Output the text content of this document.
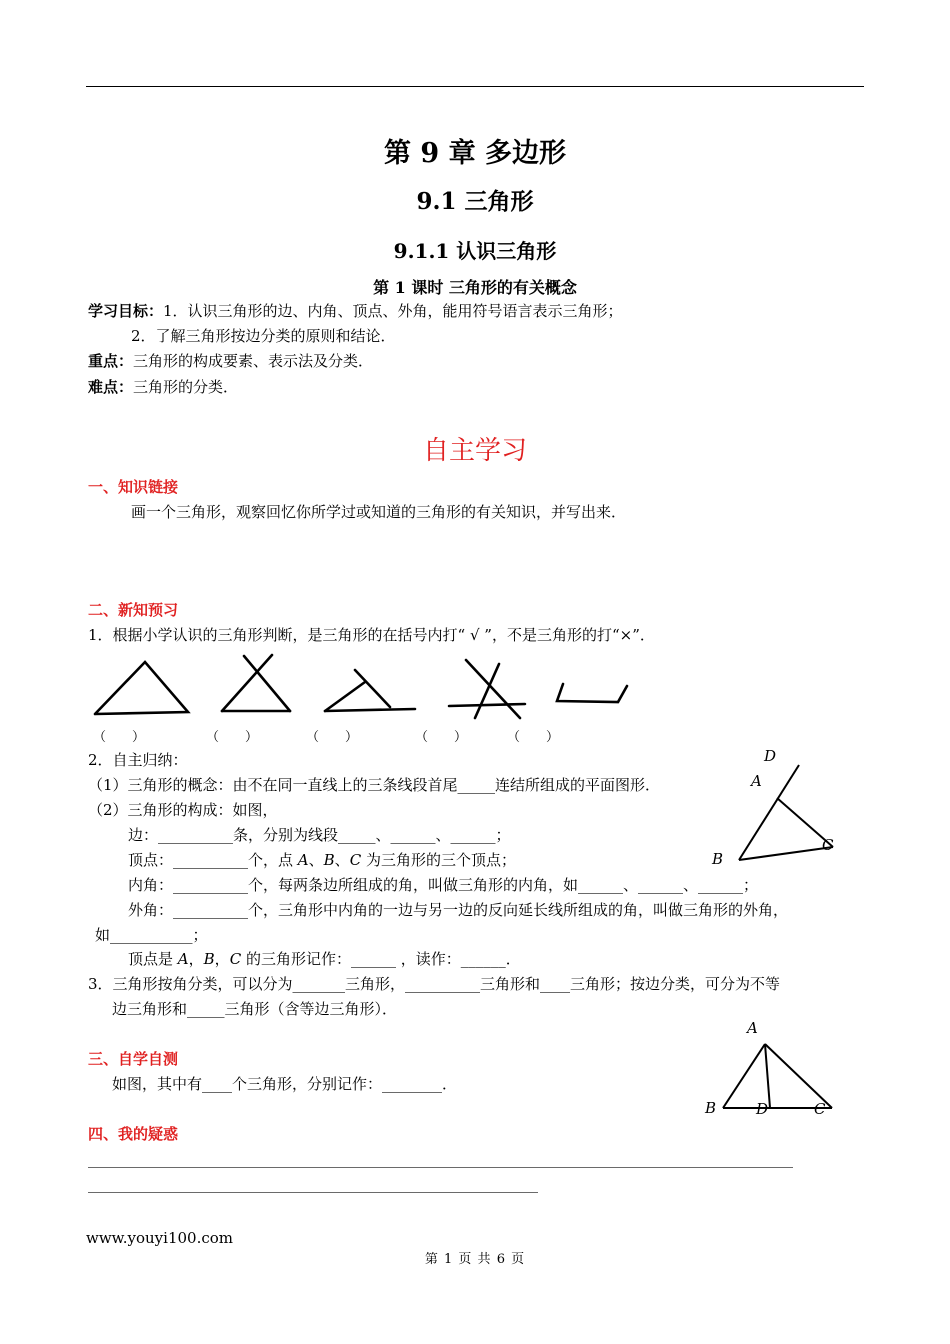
第 9 章 多边形
9.1 三角形
9.1.1 认识三角形
第 1 课时 三角形的有关概念
学习目标：1．认识三角形的边、内角、顶点、外角，能用符号语言表示三角形；
2．了解三角形按边分类的原则和结论．
重点：三角形的构成要素、表示法及分类．
难点：三角形的分类．
自主学习
一、知识链接
画一个三角形，观察回忆你所学过或知道的三角形的有关知识，并写出来．
二、新知预习
1．根据小学认识的三角形判断，是三角形的在括号内打“ √ ”，不是三角形的打“×”．
（　　）	（　　）	（　　）	（　　）	（　　）
2．自主归纳：
（1）三角形的概念：由不在同一直线上的三条线段首尾_____连结所组成的平面图形．
（2）三角形的构成：如图，
边：__________条，分别为线段_____、______、______；
顶点：__________个，点 A、B、C 为三角形的三个顶点；
内角：__________个，每两条边所组成的角，叫做三角形的内角，如______、______、______；
外角：__________个，三角形中内角的一边与另一边的反向延长线所组成的角，叫做三角形的外角，
如___________；
顶点是 A，B，C 的三角形记作：______ ，读作：______．
3．三角形按角分类，可以分为_______三角形，__________三角形和____三角形；按边分类，可分为不等
边三角形和_____三角形（含等边三角形）．
D
A
B
C
三、自学自测
如图，其中有____个三角形，分别记作：________．
A
B	D	C
四、我的疑惑
______________________________________________________________________________________________
____________________________________________________________
www.youyi100.com
第 1 页 共 6 页
